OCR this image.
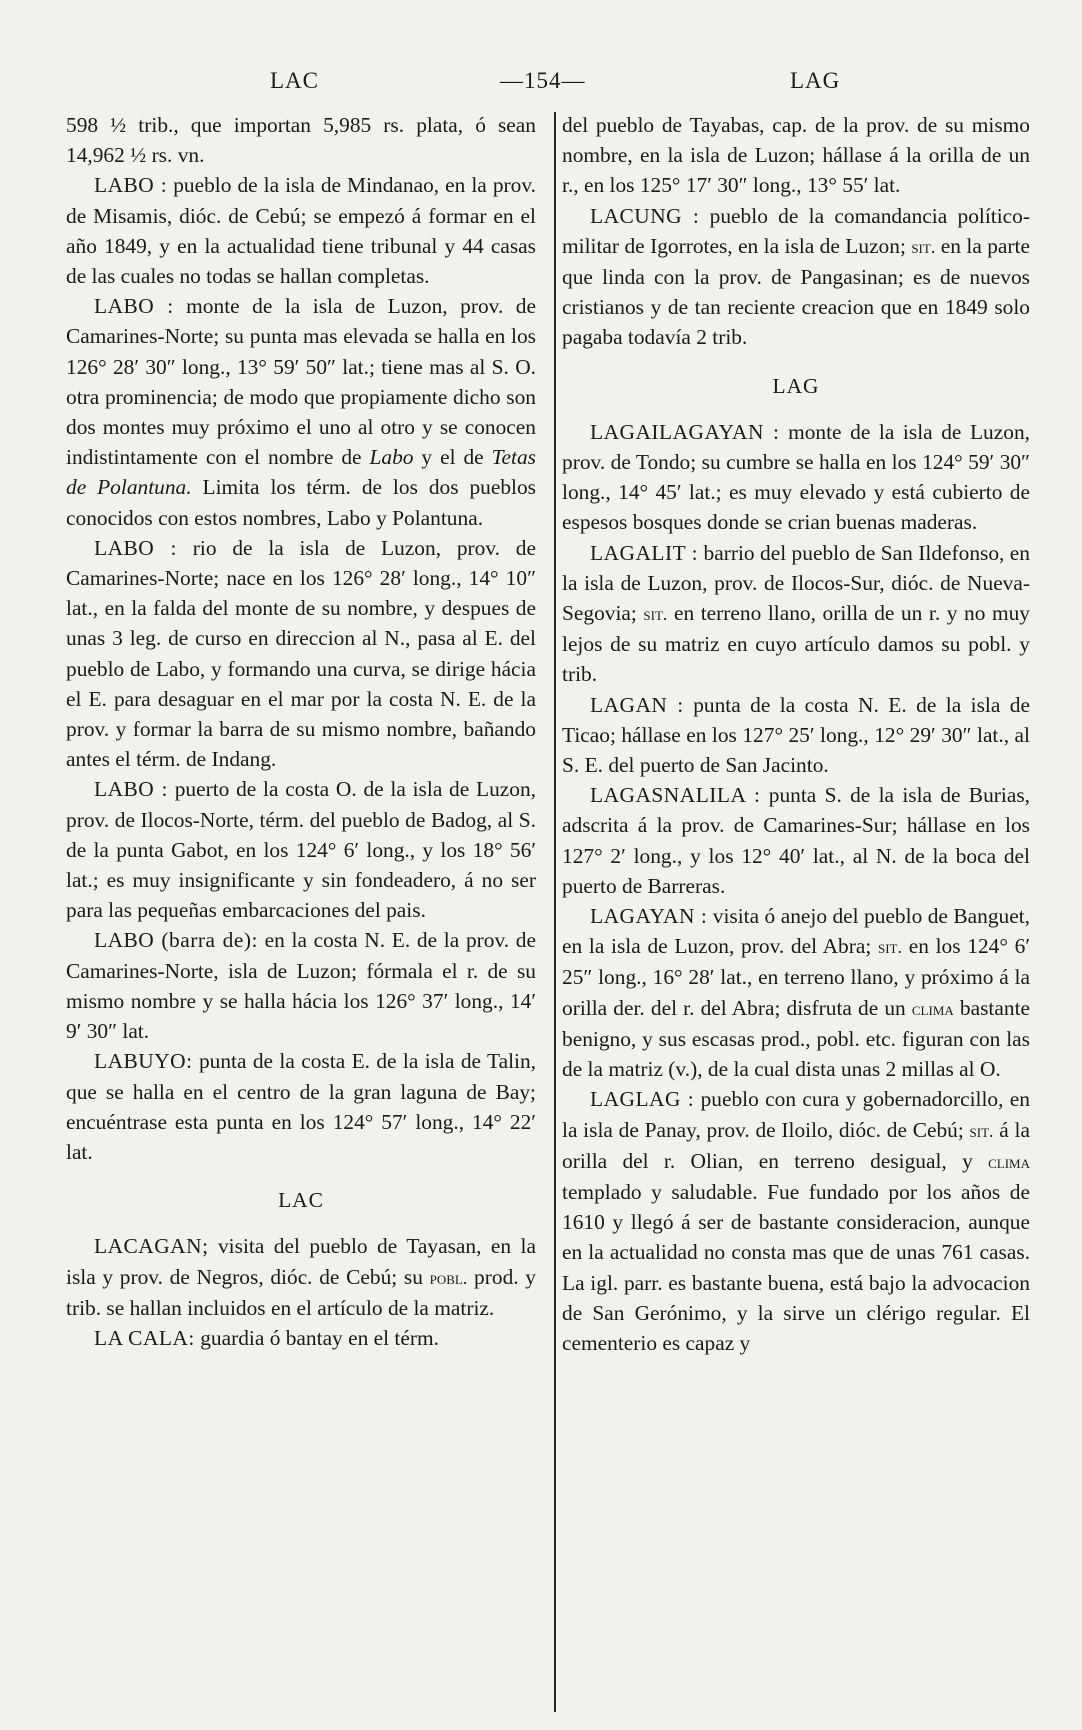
LAC	—154—	LAG

598 ½ trib., que importan 5,985 rs. plata, ó sean 14,962 ½ rs. vn.

LABO : pueblo de la isla de Mindanao, en la prov. de Misamis, dióc. de Cebú; se empezó á formar en el año 1849, y en la actualidad tiene tribunal y 44 casas de las cuales no todas se hallan completas.

LABO : monte de la isla de Luzon, prov. de Camarines-Norte; su punta mas elevada se halla en los 126° 28′ 30″ long., 13° 59′ 50″ lat.; tiene mas al S. O. otra prominencia; de modo que propiamente dicho son dos montes muy próximo el uno al otro y se conocen indistintamente con el nombre de Labo y el de Tetas de Polantuna. Limita los térm. de los dos pueblos conocidos con estos nombres, Labo y Polantuna.

LABO : rio de la isla de Luzon, prov. de Camarines-Norte; nace en los 126° 28′ long., 14° 10″ lat., en la falda del monte de su nombre, y despues de unas 3 leg. de curso en direccion al N., pasa al E. del pueblo de Labo, y formando una curva, se dirige hácia el E. para desaguar en el mar por la costa N. E. de la prov. y formar la barra de su mismo nombre, bañando antes el térm. de Indang.

LABO : puerto de la costa O. de la isla de Luzon, prov. de Ilocos-Norte, térm. del pueblo de Badog, al S. de la punta Gabot, en los 124° 6′ long., y los 18° 56′ lat.; es muy insignificante y sin fondeadero, á no ser para las pequeñas embarcaciones del pais.

LABO (barra de): en la costa N. E. de la prov. de Camarines-Norte, isla de Luzon; fórmala el r. de su mismo nombre y se halla hácia los 126° 37′ long., 14′ 9′ 30″ lat.

LABUYO: punta de la costa E. de la isla de Talin, que se halla en el centro de la gran laguna de Bay; encuéntrase esta punta en los 124° 57′ long., 14° 22′ lat.

LAC

LACAGAN; visita del pueblo de Tayasan, en la isla y prov. de Negros, dióc. de Cebú; su pobl. prod. y trib. se hallan incluidos en el artículo de la matriz.

LA CALA: guardia ó bantay en el térm.

del pueblo de Tayabas, cap. de la prov. de su mismo nombre, en la isla de Luzon; hállase á la orilla de un r., en los 125° 17′ 30″ long., 13° 55′ lat.

LACUNG : pueblo de la comandancia político-militar de Igorrotes, en la isla de Luzon; sit. en la parte que linda con la prov. de Pangasinan; es de nuevos cristianos y de tan reciente creacion que en 1849 solo pagaba todavía 2 trib.

LAG

LAGAILAGAYAN : monte de la isla de Luzon, prov. de Tondo; su cumbre se halla en los 124° 59′ 30″ long., 14° 45′ lat.; es muy elevado y está cubierto de espesos bosques donde se crian buenas maderas.

LAGALIT : barrio del pueblo de San Ildefonso, en la isla de Luzon, prov. de Ilocos-Sur, dióc. de Nueva-Segovia; sit. en terreno llano, orilla de un r. y no muy lejos de su matriz en cuyo artículo damos su pobl. y trib.

LAGAN : punta de la costa N. E. de la isla de Ticao; hállase en los 127° 25′ long., 12° 29′ 30″ lat., al S. E. del puerto de San Jacinto.

LAGASNALILA : punta S. de la isla de Burias, adscrita á la prov. de Camarines-Sur; hállase en los 127° 2′ long., y los 12° 40′ lat., al N. de la boca del puerto de Barreras.

LAGAYAN : visita ó anejo del pueblo de Banguet, en la isla de Luzon, prov. del Abra; sit. en los 124° 6′ 25″ long., 16° 28′ lat., en terreno llano, y próximo á la orilla der. del r. del Abra; disfruta de un clima bastante benigno, y sus escasas prod., pobl. etc. figuran con las de la matriz (v.), de la cual dista unas 2 millas al O.

LAGLAG : pueblo con cura y gobernadorcillo, en la isla de Panay, prov. de Iloilo, dióc. de Cebú; sit. á la orilla del r. Olian, en terreno desigual, y clima templado y saludable. Fue fundado por los años de 1610 y llegó á ser de bastante consideracion, aunque en la actualidad no consta mas que de unas 761 casas. La igl. parr. es bastante buena, está bajo la advocacion de San Gerónimo, y la sirve un clérigo regular. El cementerio es capaz y
